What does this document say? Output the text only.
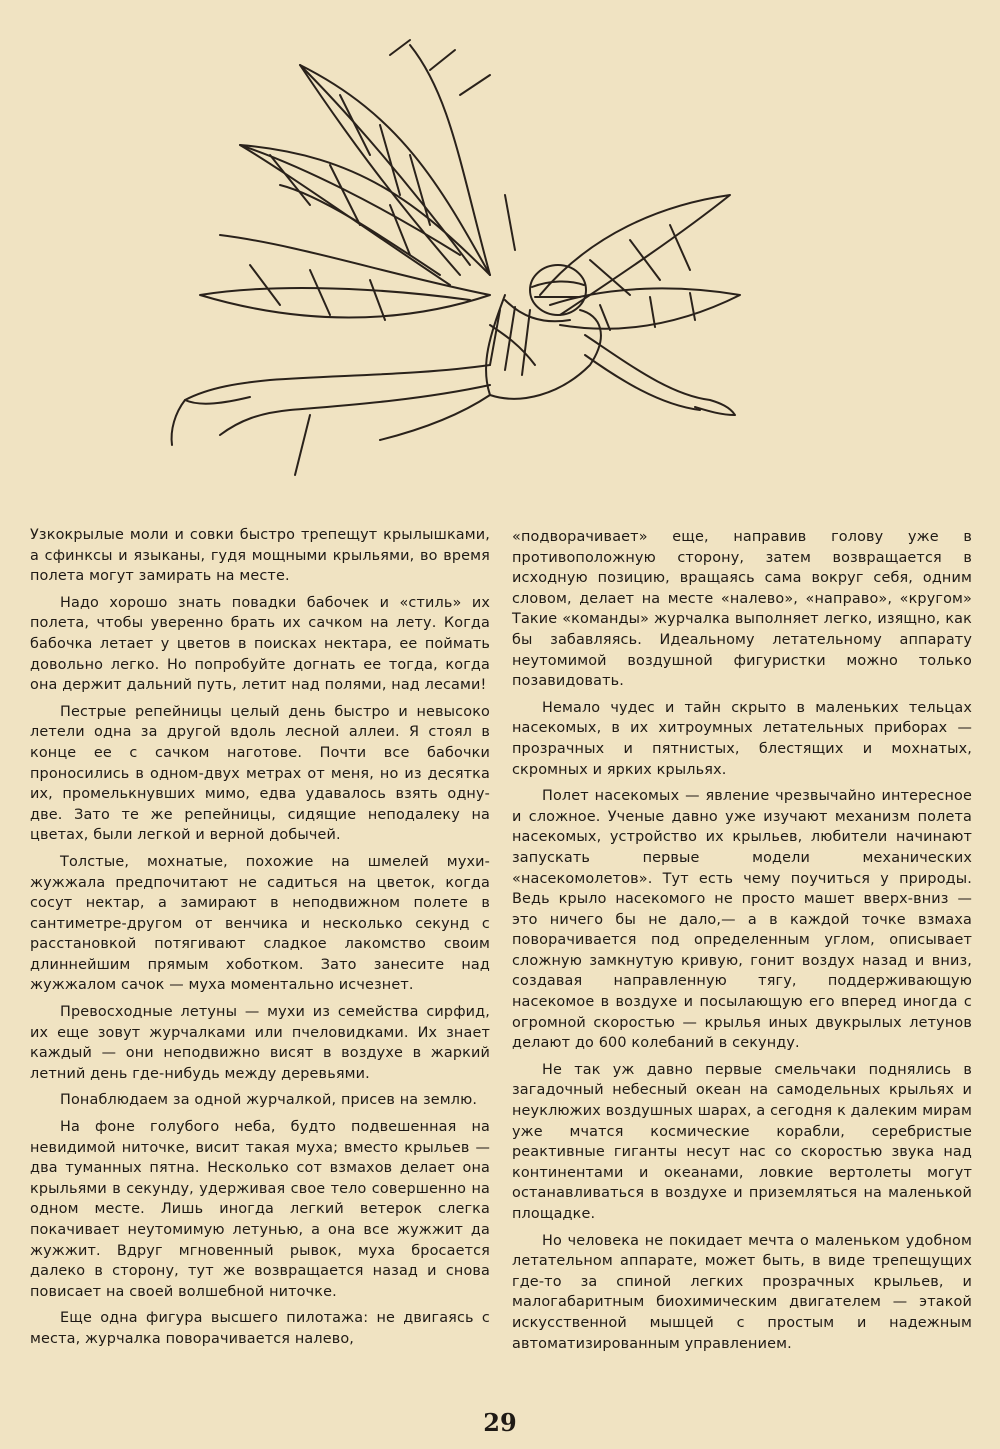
Узкокрылые моли и совки быстро трепещут крылышками, а сфинксы и языканы, гудя мощными крыльями, во время полета могут замирать на месте.

Надо хорошо знать повадки бабочек и «стиль» их полета, чтобы уверенно брать их сачком на лету. Когда бабочка летает у цветов в поисках нектара, ее поймать довольно легко. Но попробуйте догнать ее тогда, когда она держит дальний путь, летит над полями, над лесами!

Пестрые репейницы целый день быстро и невысоко летели одна за другой вдоль лесной аллеи. Я стоял в конце ее с сачком наготове. Почти все бабочки проносились в одном-двух метрах от меня, но из десятка их, промелькнувших мимо, едва удавалось взять одну-две. Зато те же репейницы, сидящие неподалеку на цветах, были легкой и верной добычей.

Толстые, мохнатые, похожие на шмелей мухи-жужжала предпочитают не садиться на цветок, когда сосут нектар, а замирают в неподвижном полете в сантиметре-другом от венчика и несколько секунд с расстановкой потягивают сладкое лакомство своим длиннейшим прямым хоботком. Зато занесите над жужжалом сачок — муха моментально исчезнет.

Превосходные летуны — мухи из семейства сирфид, их еще зовут журчалками или пчеловидками. Их знает каждый — они неподвижно висят в воздухе в жаркий летний день где-нибудь между деревьями.

Понаблюдаем за одной журчалкой, присев на землю.

На фоне голубого неба, будто подвешенная на невидимой ниточке, висит такая муха; вместо крыльев — два туманных пятна. Несколько сот взмахов делает она крыльями в секунду, удерживая свое тело совершенно на одном месте. Лишь иногда легкий ветерок слегка покачивает неутомимую летунью, а она все жужжит да жужжит. Вдруг мгновенный рывок, муха бросается далеко в сторону, тут же возвращается назад и снова повисает на своей волшебной ниточке.

Еще одна фигура высшего пилотажа: не двигаясь с места, журчалка поворачивается налево,

«подворачивает» еще, направив голову уже в противоположную сторону, затем возвращается в исходную позицию, вращаясь сама вокруг себя, одним словом, делает на месте «налево», «направо», «кругом» Такие «команды» журчалка выполняет легко, изящно, как бы забавляясь. Идеальному летательному аппарату неутомимой воздушной фигуристки можно только позавидовать.

Немало чудес и тайн скрыто в маленьких тельцах насекомых, в их хитроумных летательных приборах — прозрачных и пятнистых, блестящих и мохнатых, скромных и ярких крыльях.

Полет насекомых — явление чрезвычайно интересное и сложное. Ученые давно уже изучают механизм полета насекомых, устройство их крыльев, любители начинают запускать первые модели механических «насекомолетов». Тут есть чему поучиться у природы. Ведь крыло насекомого не просто машет вверх-вниз — это ничего бы не дало,— а в каждой точке взмаха поворачивается под определенным углом, описывает сложную замкнутую кривую, гонит воздух назад и вниз, создавая направленную тягу, поддерживающую насекомое в воздухе и посылающую его вперед иногда с огромной скоростью — крылья иных двукрылых летунов делают до 600 колебаний в секунду.

Не так уж давно первые смельчаки поднялись в загадочный небесный океан на самодельных крыльях и неуклюжих воздушных шарах, а сегодня к далеким мирам уже мчатся космические корабли, серебристые реактивные гиганты несут нас со скоростью звука над континентами и океанами, ловкие вертолеты могут останавливаться в воздухе и приземляться на маленькой площадке.

Но человека не покидает мечта о маленьком удобном летательном аппарате, может быть, в виде трепещущих где-то за спиной легких прозрачных крыльев, и малогабаритным биохимическим двигателем — этакой искусственной мышцей с простым и надежным автоматизированным управлением.

29
